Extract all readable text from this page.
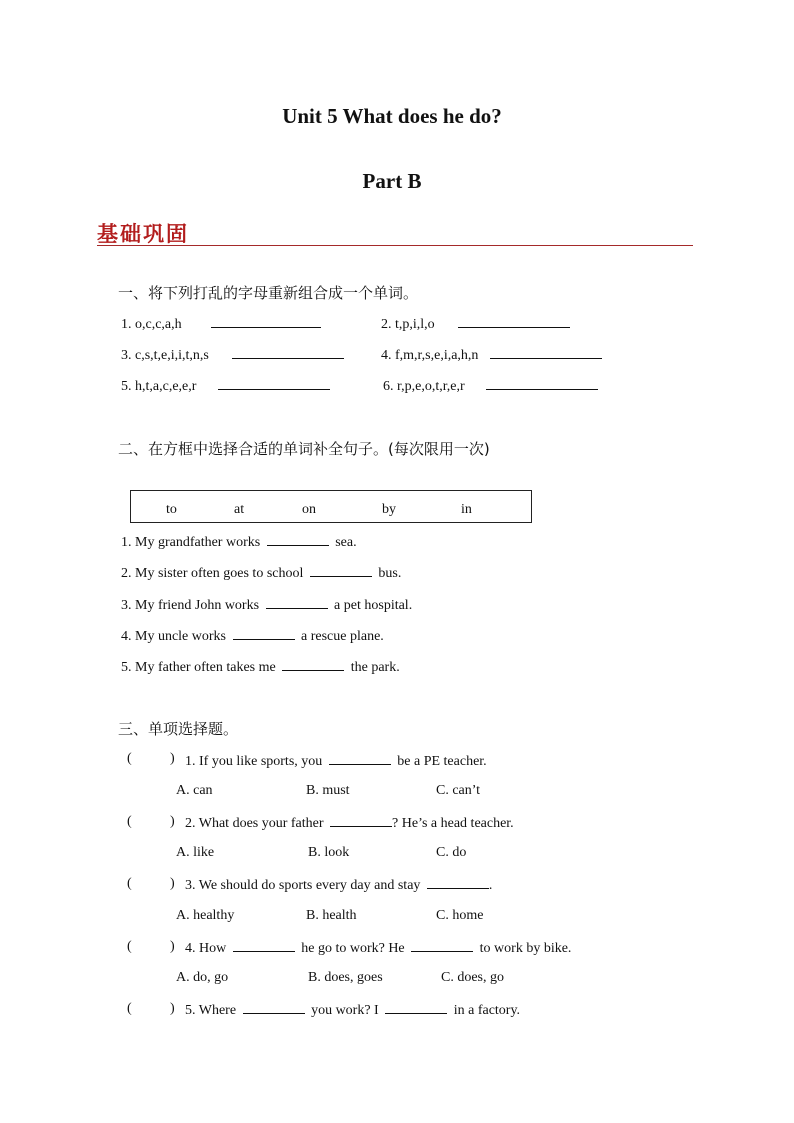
Unit 5 What does he do?
Part B
基础巩固
一、将下列打乱的字母重新组合成一个单词。
1. o,c,c,a,h	2. t,p,i,l,o
3. c,s,t,e,i,i,t,n,s	4. f,m,r,s,e,i,a,h,n
5. h,t,a,c,e,e,r	6. r,p,e,o,t,r,e,r
二、在方框中选择合适的单词补全句子。(每次限用一次)
to	at	on	by	in
1. My grandfather works	sea.
2. My sister often goes to school	bus.
3. My friend John works	a pet hospital.
4. My uncle works	a rescue plane.
5. My father often takes me	the park.
三、单项选择题。
(	) 1. If you like sports, you	be a PE teacher.
A. can	B. must	C. can’t
(	) 2. What does your father	? He’s a head teacher.
A. like	B. look	C. do
(	) 3. We should do sports every day and stay	.
A. healthy	B. health	C. home
(	) 4. How	he go to work? He	to work by bike.
A. do, go	B. does, goes	C. does, go
(	) 5. Where	you work? I	in a factory.
